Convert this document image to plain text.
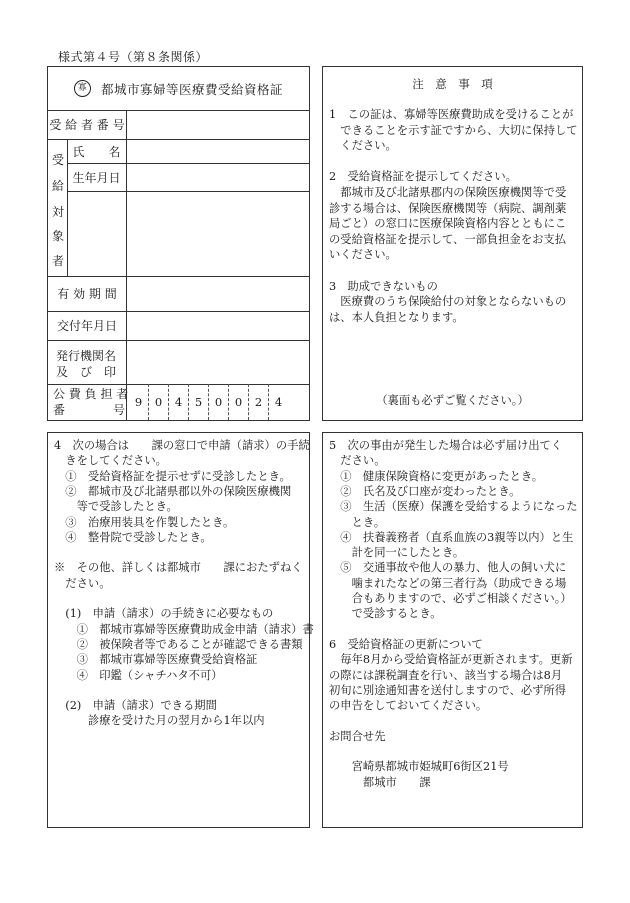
様式第４号（第８条関係）
寡	都城市寡婦等医療費受給資格証
受 給 者 番 号
受
給
対
象
者
氏　　名
生年月日
有 効 期 間
交付年月日
発行機関名
及　び　印
公 費 負 担 者
番　　　　号
9	0	4	5	0	0	2	4
注　意　事　項
1　この証は、寡婦等医療費助成を受けることが
　できることを示す証ですから、大切に保持して
　ください。
2　受給資格証を提示してください。
　都城市及び北諸県郡内の保険医療機関等で受
診する場合は、保険医療機関等（病院、調剤薬
局ごと）の窓口に医療保険資格内容とともにこ
の受給資格証を提示して、一部負担金をお支払
いください。
3　助成できないもの
　医療費のうち保険給付の対象とならないもの
は、本人負担となります。
（裏面も必ずご覧ください。）
4　次の場合は　　課の窓口で申請（請求）の手続
　きをしてください。
　①　受給資格証を提示せずに受診したとき。
　②　都城市及び北諸県郡以外の保険医療機関
　　等で受診したとき。
　③　治療用装具を作製したとき。
　④　整骨院で受診したとき。
※　その他、詳しくは都城市　　課におたずねく
　ださい。
　(1)　申請（請求）の手続きに必要なもの
　　①　都城市寡婦等医療費助成金申請（請求）書
　　②　被保険者等であることが確認できる書類
　　③　都城市寡婦等医療費受給資格証
　　④　印鑑（シャチハタ不可）
　(2)　申請（請求）できる期間
　　　診療を受けた月の翌月から1年以内
5　次の事由が発生した場合は必ず届け出てく
　ださい。
　①　健康保険資格に変更があったとき。
　②　氏名及び口座が変わったとき。
　③　生活（医療）保護を受給するようになった
　　とき。
　④　扶養義務者（直系血族の3親等以内）と生
　　計を同一にしたとき。
　⑤　交通事故や他人の暴力、他人の飼い犬に
　　噛まれたなどの第三者行為（助成できる場
　　合もありますので、必ずご相談ください。）
　　で受診するとき。
6　受給資格証の更新について
　毎年8月から受給資格証が更新されます。更新
の際には課税調査を行い、該当する場合は8月
初旬に別途通知書を送付しますので、必ず所得
の申告をしておいてください。
お問合せ先
　　宮崎県都城市姫城町6街区21号
　　　都城市　　課
